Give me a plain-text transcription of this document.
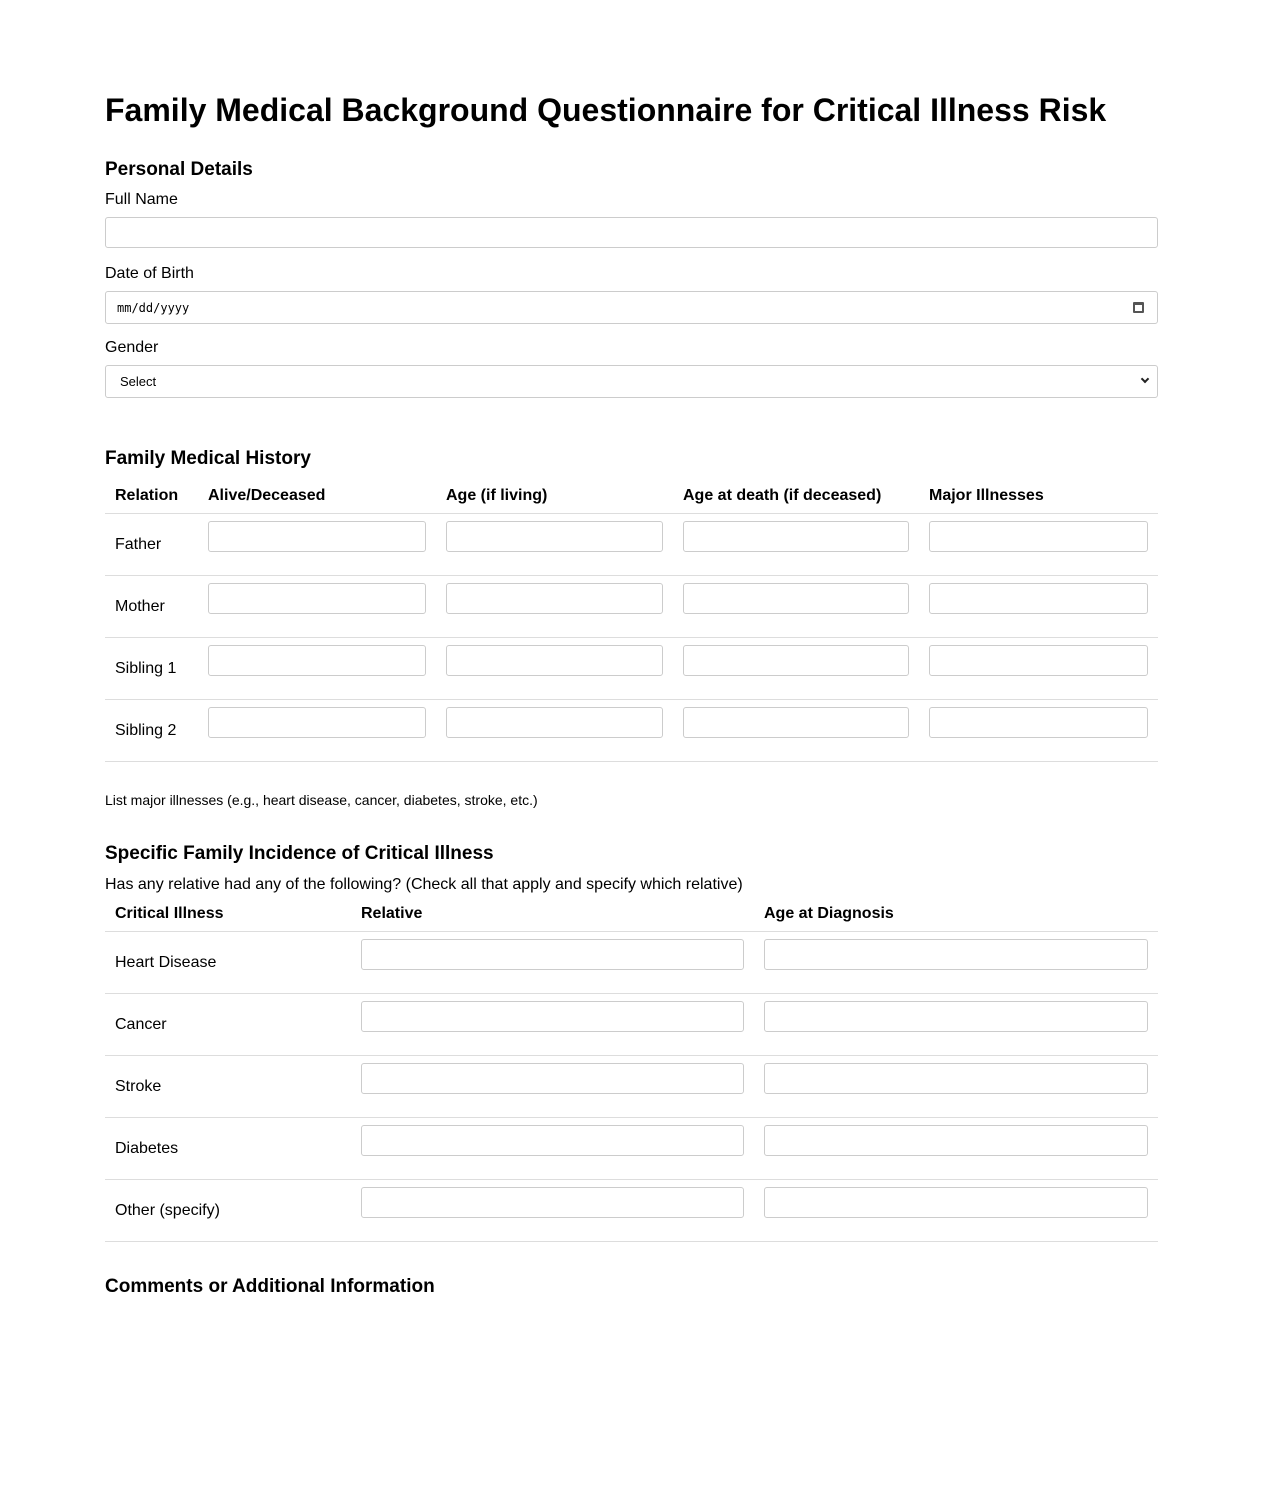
Family Medical Background Questionnaire for Critical Illness Risk
Personal Details
Full Name
Date of Birth
mm/dd/yyyy
Gender
Select
Family Medical History
Relation	Alive/Deceased	Age (if living)	Age at death (if deceased)	Major Illnesses
Father	

Mother	

Sibling 1	

Sibling 2	

List major illnesses (e.g., heart disease, cancer, diabetes, stroke, etc.)
Specific Family Incidence of Critical Illness
Has any relative had any of the following? (Check all that apply and specify which relative)
Critical Illness	Relative	Age at Diagnosis
Heart Disease	

Cancer	

Stroke	

Diabetes	

Other (specify)	

Comments or Additional Information
